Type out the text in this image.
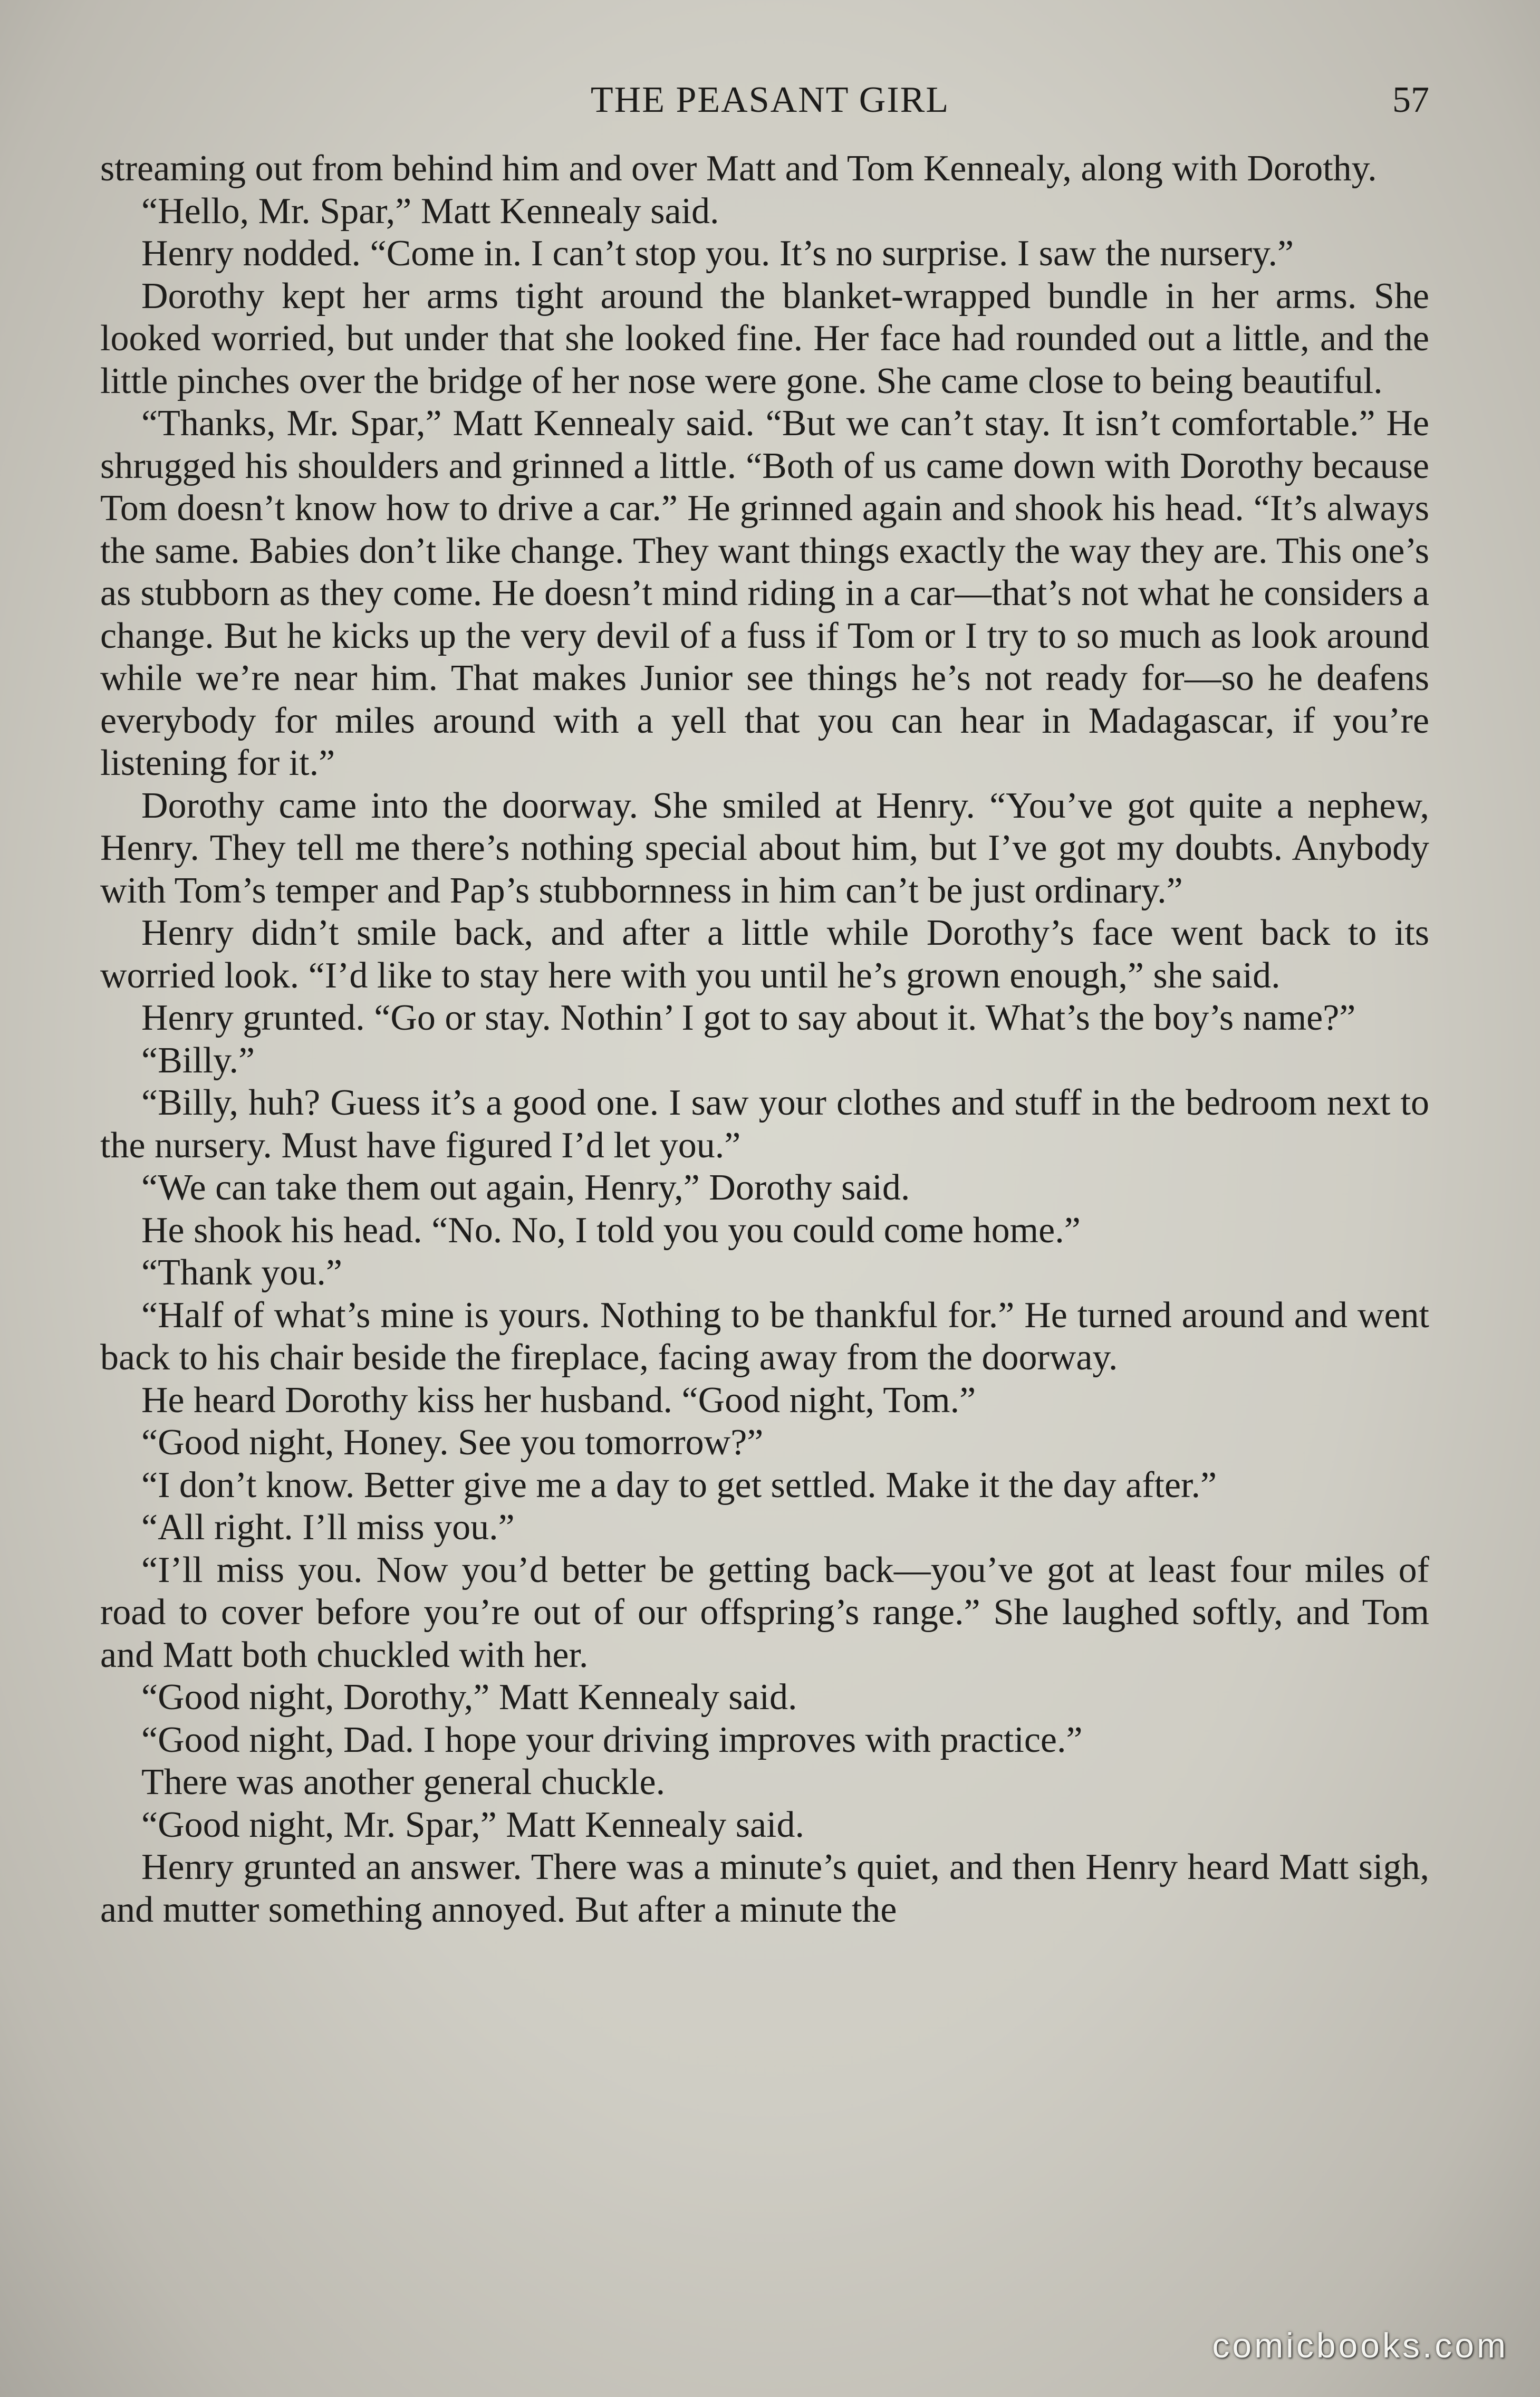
THE PEASANT GIRL	57

streaming out from behind him and over Matt and Tom Kennealy, along with Dorothy.

“Hello, Mr. Spar,” Matt Kennealy said.

Henry nodded. “Come in. I can’t stop you. It’s no surprise. I saw the nursery.”

Dorothy kept her arms tight around the blanket-wrapped bundle in her arms. She looked worried, but under that she looked fine. Her face had rounded out a little, and the little pinches over the bridge of her nose were gone. She came close to being beautiful.

“Thanks, Mr. Spar,” Matt Kennealy said. “But we can’t stay. It isn’t comfortable.” He shrugged his shoulders and grinned a little. “Both of us came down with Dorothy because Tom doesn’t know how to drive a car.” He grinned again and shook his head. “It’s always the same. Babies don’t like change. They want things exactly the way they are. This one’s as stubborn as they come. He doesn’t mind riding in a car—that’s not what he considers a change. But he kicks up the very devil of a fuss if Tom or I try to so much as look around while we’re near him. That makes Junior see things he’s not ready for—so he deafens everybody for miles around with a yell that you can hear in Madagascar, if you’re listening for it.”

Dorothy came into the doorway. She smiled at Henry. “You’ve got quite a nephew, Henry. They tell me there’s nothing special about him, but I’ve got my doubts. Anybody with Tom’s temper and Pap’s stubbornness in him can’t be just ordinary.”

Henry didn’t smile back, and after a little while Dorothy’s face went back to its worried look. “I’d like to stay here with you until he’s grown enough,” she said.

Henry grunted. “Go or stay. Nothin’ I got to say about it. What’s the boy’s name?”

“Billy.”

“Billy, huh? Guess it’s a good one. I saw your clothes and stuff in the bedroom next to the nursery. Must have figured I’d let you.”

“We can take them out again, Henry,” Dorothy said.

He shook his head. “No. No, I told you you could come home.”

“Thank you.”

“Half of what’s mine is yours. Nothing to be thankful for.” He turned around and went back to his chair beside the fireplace, facing away from the doorway.

He heard Dorothy kiss her husband. “Good night, Tom.”

“Good night, Honey. See you tomorrow?”

“I don’t know. Better give me a day to get settled. Make it the day after.”

“All right. I’ll miss you.”

“I’ll miss you. Now you’d better be getting back—you’ve got at least four miles of road to cover before you’re out of our offspring’s range.” She laughed softly, and Tom and Matt both chuckled with her.

“Good night, Dorothy,” Matt Kennealy said.

“Good night, Dad. I hope your driving improves with practice.”

There was another general chuckle.

“Good night, Mr. Spar,” Matt Kennealy said.

Henry grunted an answer. There was a minute’s quiet, and then Henry heard Matt sigh, and mutter something annoyed. But after a minute the

comicbooks.com
